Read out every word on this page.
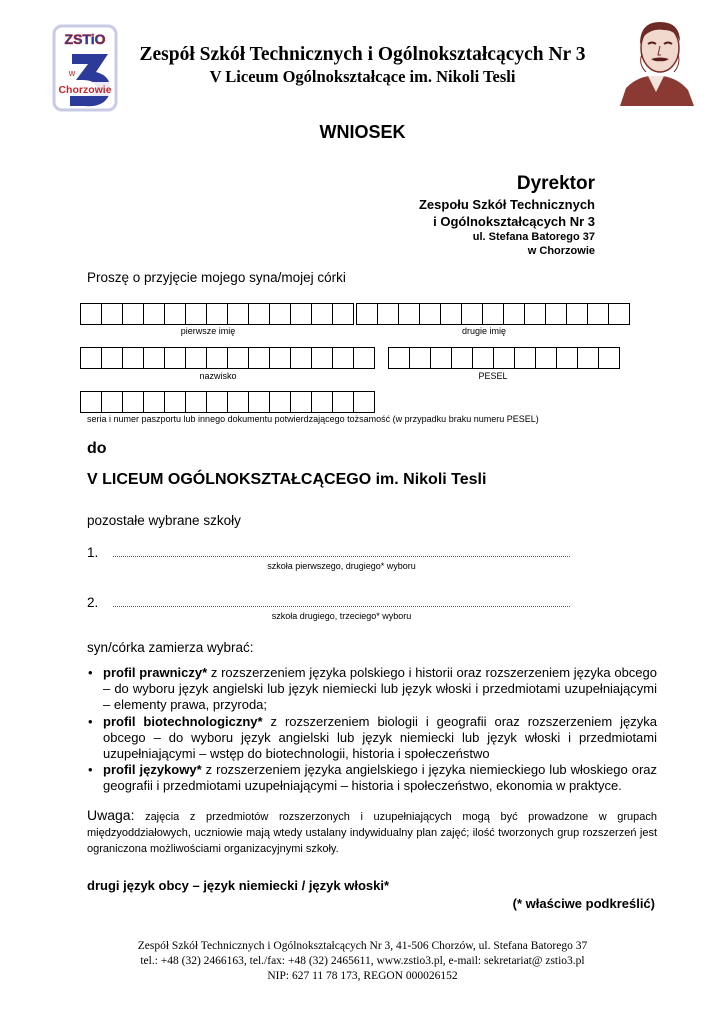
ZSTiO
w
Chorzowie
Zespół Szkół Technicznych i Ogólnokształcących Nr 3
V Liceum Ogólnokształcące im. Nikoli Tesli
WNIOSEK
Dyrektor
Zespołu Szkół Technicznych
i Ogólnokształcących Nr 3
ul. Stefana Batorego 37
w Chorzowie
Proszę o przyjęcie mojego syna/mojej córki
pierwsze imię	drugie imię
nazwisko	PESEL
seria i numer paszportu lub innego dokumentu potwierdzającego tożsamość (w przypadku braku numeru PESEL)
do
V LICEUM OGÓLNOKSZTAŁCĄCEGO im. Nikoli Tesli
pozostałe wybrane szkoły
1.
szkoła pierwszego, drugiego* wyboru
2.
szkoła drugiego, trzeciego* wyboru
syn/córka zamierza wybrać:
• profil prawniczy* z rozszerzeniem języka polskiego i historii oraz rozszerzeniem języka obcego – do wyboru język angielski lub język niemiecki lub język włoski i przedmiotami uzupełniającymi – elementy prawa, przyroda;
• profil biotechnologiczny* z rozszerzeniem biologii i geografii oraz rozszerzeniem języka obcego – do wyboru język angielski lub język niemiecki lub język włoski i przedmiotami uzupełniającymi – wstęp do biotechnologii, historia i społeczeństwo
• profil językowy* z rozszerzeniem języka angielskiego i języka niemieckiego lub włoskiego oraz geografii i przedmiotami uzupełniającymi – historia i społeczeństwo, ekonomia w praktyce.
Uwaga: zajęcia z przedmiotów rozszerzonych i uzupełniających mogą być prowadzone w grupach międzyoddziałowych, uczniowie mają wtedy ustalany indywidualny plan zajęć; ilość tworzonych grup rozszerzeń jest ograniczona możliwościami organizacyjnymi szkoły.
drugi język obcy – język niemiecki / język włoski*
(* właściwe podkreślić)
Zespół Szkół Technicznych i Ogólnokształcących Nr 3, 41-506 Chorzów, ul. Stefana Batorego 37
tel.: +48 (32) 2466163, tel./fax: +48 (32) 2465611, www.zstio3.pl, e-mail: sekretariat@ zstio3.pl
NIP: 627 11 78 173, REGON 000026152
